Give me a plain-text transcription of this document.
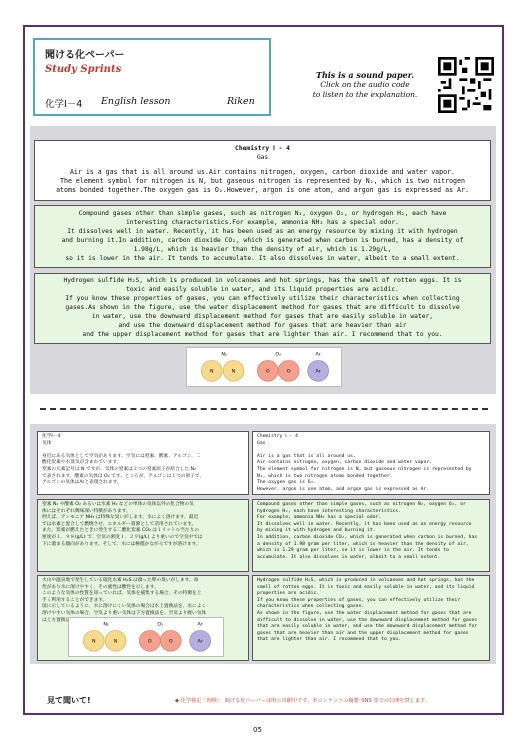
聞ける化ペーパー
Study Sprints
化学Ⅰ－4 English lesson	Riken
This is a sound paper.
Click on the audio code
to listen to the explanation.
Chemistry Ⅰ - 4
Gas
Air is a gas that is all around us.Air contains nitrogen, oxygen, carbon dioxide and water vapor.
The element symbol for nitrogen is N, but gaseous nitrogen is represented by N₂, which is two nitrogen
atoms bonded together.The oxygen gas is O₂.However, argon is one atom, and argon gas is expressed as Ar.
Compound gases other than simple gases, such as nitrogen N₂, oxygen O₂, or hydrogen H₂, each have
interesting characteristics.For example, ammonia NH₃ has a special odor.
It dissolves well in water. Recently, it has been used as an energy resource by mixing it with hydrogen
and burning it.In addition, carbon dioxide CO₂, which is generated when carbon is burned, has a density of
1.98g/L, which is heavier than the density of air, which is 1.29g/L,
so it is lower in the air. It tends to accumulate. It also dissolves in water, albeit to a small extent.
Hydrogen sulfide H₂S, which is produced in volcanoes and hot springs, has the smell of rotten eggs. It is
toxic and easily soluble in water, and its liquid properties are acidic.
If you know these properties of gases, you can effectively utilize their characteristics when collecting
gases.As shown in the figure, use the water displacement method for gases that are difficult to dissolve
in water, use the downward displacement method for gases that are easily soluble in water,
and use the downward displacement method for gases that are heavier than air
and the upper displacement method for gases that are lighter than air. I recommend that to you.
N₂	O₂	Ar
N	N	O	O	Ar
化学Ⅰ－4
気体

身近にある気体として空気があります。空気には窒素、酸素、アルゴン、二
酸化炭素や水蒸気が含まれています。
窒素の元素記号は N ですが、気体の窒素は２つの窒素原子が結合した N₂
で表されます。酸素の気体は O₂ です。ところが、アルゴンは１つの原子で、
アルゴンの気体はArと表現されます。
窒素 N₂ や酸素 O₂ あるいは水素 H₂ などの単体の気体以外の化合物の気
体にはそれぞれ興味深い特徴があります。
例えば、アンモニア NH₃ は特殊な臭いがします。水によく溶けます。最近
では水素と混合して燃焼させ、エネルギー資源として活用されています。
また、炭素が燃えたときに発生する二酸化炭素 CO₂ は１リットル当たりの
密度が１．９８(g/L) で、空気の密度１．２９(g/L) より重いので空気中では
下に溜まる傾向があります。そして、水には極僅かながらですが溶けます。
火山や温泉地で発生している硫化水素 H₂S は腐った卵の臭いがします。毒
性があり水に溶けやすく、その液性は酸性を示します。
このような気体の性質を知っていれば、気体を捕集する場合、その特徴を上
手く利用することができます。
図に示しているように、水に溶けにくい気体の場合は水上置換法を、水によく
溶けやすい気体の場合、空気より重い気体は下方置換法を、空気より軽い気体
は上方置換法をとることが勧められます。
Chemistry Ⅰ - 4
Gas

Air is a gas that is all around us.
Air contains nitrogen, oxygen, carbon dioxide and water vapor.
The element symbol for nitrogen is N, but gaseous nitrogen is represented by
N₂, which is two nitrogen atoms bonded together.
The oxygen gas is O₂.
However, argon is one atom, and argon gas is expressed as Ar.
Compound gases other than simple gases, such as nitrogen N₂, oxygen O₂, or
hydrogen H₂, each have interesting characteristics.
For example, ammonia NH₃ has a special odor.
It dissolves well in water. Recently, it has been used as an energy resource
by mixing it with hydrogen and burning it.
In addition, carbon dioxide CO₂, which is generated when carbon is burned, has
a density of 1.98 gram per liter, which is heavier than the density of air,
which is 1.29 gram per liter, so it is lower in the air. It tends to
accumulate. It also dissolves in water, albeit to a small extent.
Hydrogen sulfide H₂S, which is produced in volcanoes and hot springs, has the
smell of rotten eggs. It is toxic and easily soluble in water, and its liquid
properties are acidic.
If you know these properties of gases, you can effectively utilize their
characteristics when collecting gases.
As shown in the figure, use the water displacement method for gases that are
difficult to dissolve in water, use the downward displacement method for gases
that are easily soluble in water, and use the downward displacement method for
gases that are heavier than air and the upper displacement method for gases
that are lighter than air. I recommend that to you.
N₂	O₂	Ar
N	N	O	O	Ar
見て聞いて!	◆ 化学検定「理検」　聞ける化ペーパーは明示出願中です。本コンテンツの複製･SNS 等での公開を禁じます。
05
